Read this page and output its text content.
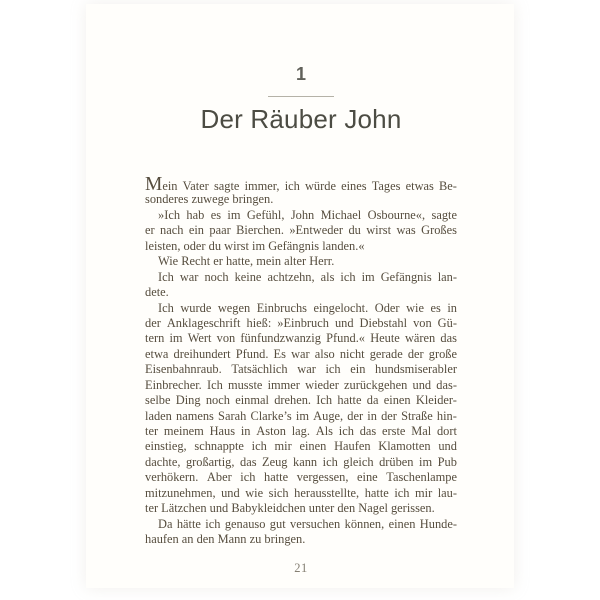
1
Der Räuber John
Mein Vater sagte immer, ich würde eines Tages etwas Be-
sonderes zuwege bringen.
»Ich hab es im Gefühl, John Michael Osbourne«, sagte
er nach ein paar Bierchen. »Entweder du wirst was Großes
leisten, oder du wirst im Gefängnis landen.«
Wie Recht er hatte, mein alter Herr.
Ich war noch keine achtzehn, als ich im Gefängnis lan-
dete.
Ich wurde wegen Einbruchs eingelocht. Oder wie es in
der Anklageschrift hieß: »Einbruch und Diebstahl von Gü-
tern im Wert von fünfundzwanzig Pfund.« Heute wären das
etwa dreihundert Pfund. Es war also nicht gerade der große
Eisenbahnraub. Tatsächlich war ich ein hundsmiserabler
Einbrecher. Ich musste immer wieder zurückgehen und das-
selbe Ding noch einmal drehen. Ich hatte da einen Kleider-
laden namens Sarah Clarke’s im Auge, der in der Straße hin-
ter meinem Haus in Aston lag. Als ich das erste Mal dort
einstieg, schnappte ich mir einen Haufen Klamotten und
dachte, großartig, das Zeug kann ich gleich drüben im Pub
verhökern. Aber ich hatte vergessen, eine Taschenlampe
mitzunehmen, und wie sich herausstellte, hatte ich mir lau-
ter Lätzchen und Babykleidchen unter den Nagel gerissen.
Da hätte ich genauso gut versuchen können, einen Hunde-
haufen an den Mann zu bringen.
21
